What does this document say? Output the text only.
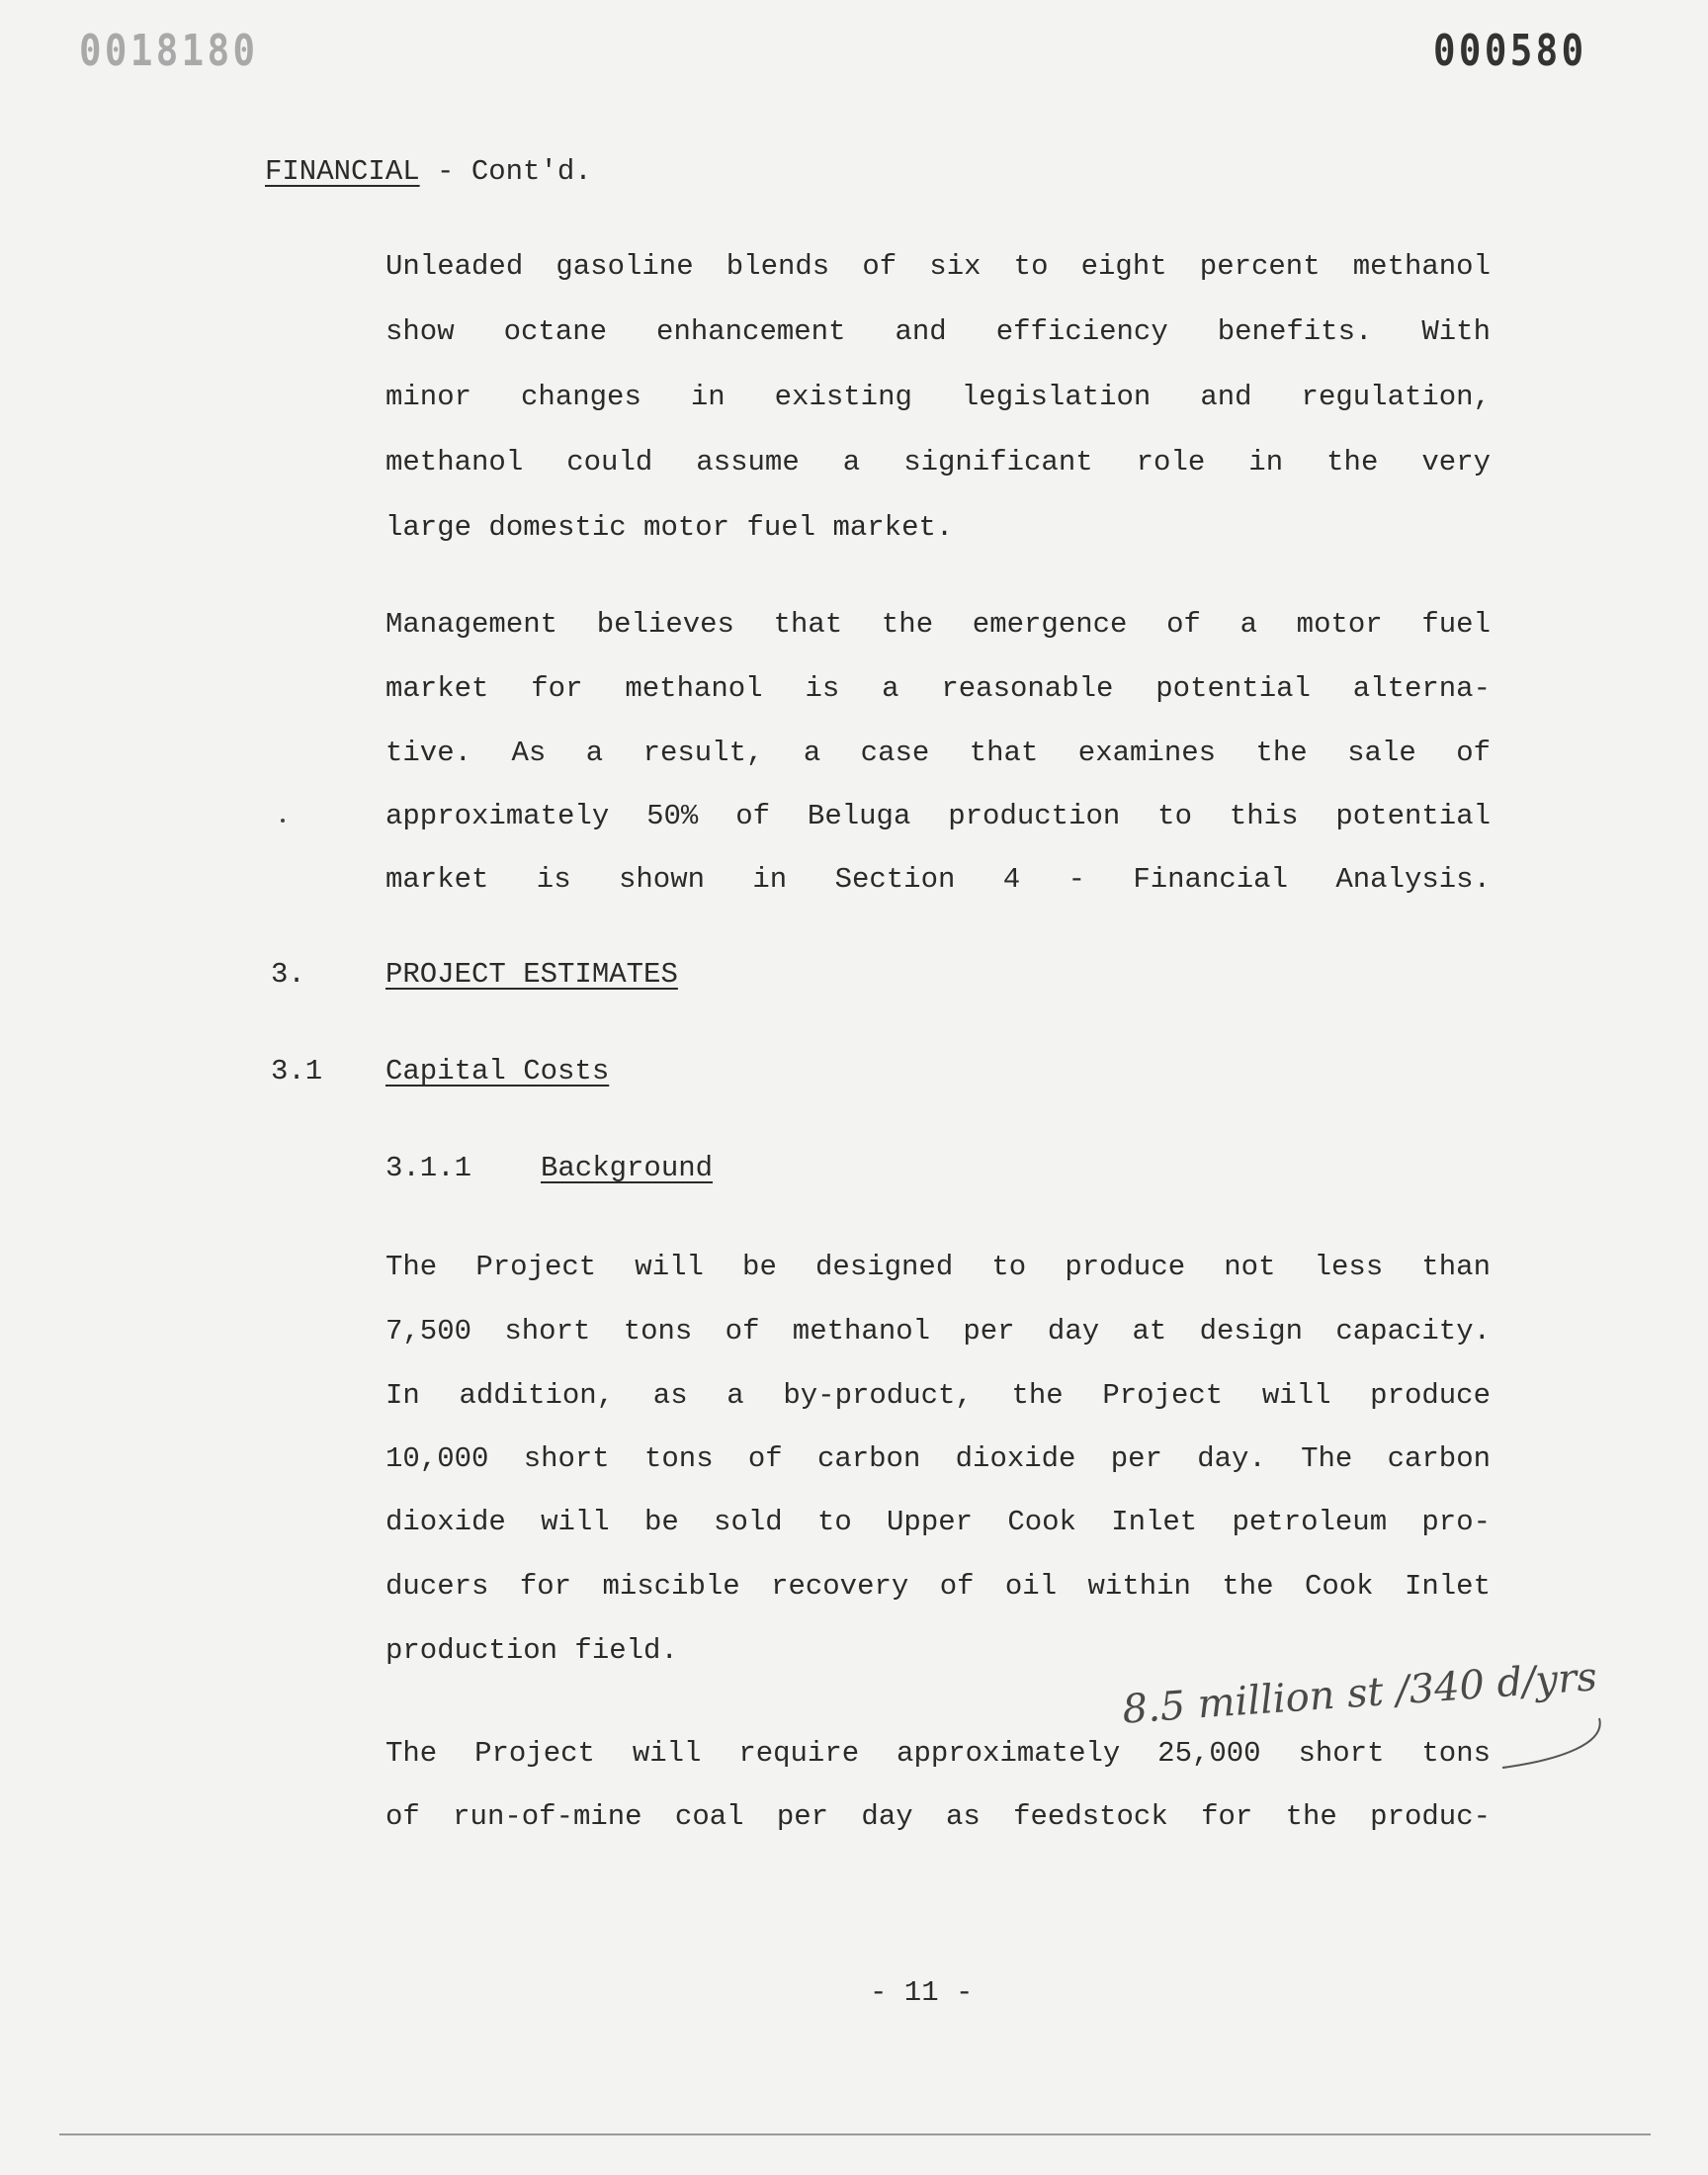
0018180	000580
FINANCIAL - Cont'd.
Unleaded gasoline blends of six to eight percent methanol
show octane enhancement and efficiency benefits. With
minor changes in existing legislation and regulation,
methanol could assume a significant role in the very
large domestic motor fuel market.
Management believes that the emergence of a motor fuel
market for methanol is a reasonable potential alterna-
tive. As a result, a case that examines the sale of
approximately 50% of Beluga production to this potential
market is shown in Section 4 - Financial Analysis.
3.	PROJECT ESTIMATES
3.1 Capital Costs
3.1.1 Background
The Project will be designed to produce not less than
7,500 short tons of methanol per day at design capacity.
In addition, as a by-product, the Project will produce
10,000 short tons of carbon dioxide per day. The carbon
dioxide will be sold to Upper Cook Inlet petroleum pro-
ducers for miscible recovery of oil within the Cook Inlet
production field.
8.5 million st /340 d/yrs
The Project will require approximately 25,000 short tons
of run-of-mine coal per day as feedstock for the produc-
- 11 -
